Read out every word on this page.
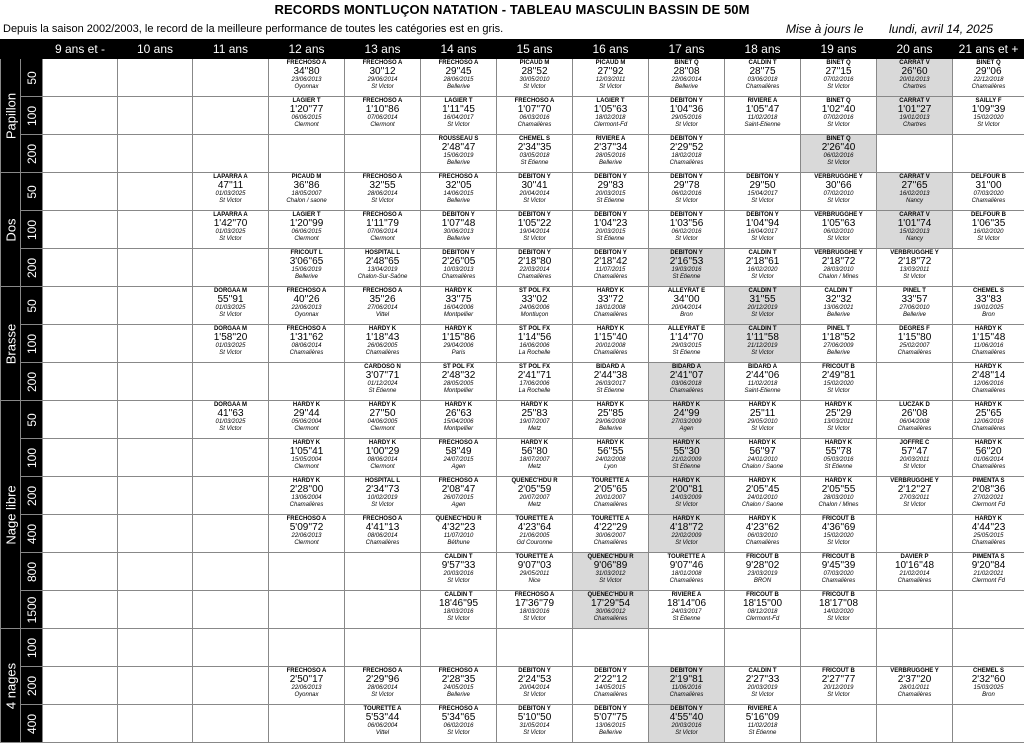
RECORDS MONTLUÇON NATATION - TABLEAU MASCULIN BASSIN DE 50M
Depuis la saison 2002/2003, le record de la meilleure performance de toutes les catégories est en gris.	Mise à jours le lundi, avril 14, 2025
		9 ans et -	10 ans	11 ans	12 ans	13 ans	14 ans	15 ans	16 ans	17 ans	18 ans	19 ans	20 ans	21 ans et +

Papillon	50				FRECHOSO A
34''80
23/06/2013
Oyonnax	FRECHOSO A
30''12
29/06/2014
St Victor	FRECHOSO A
29''45
28/06/2015
Bellerive	PICAUD M
28''52
30/05/2010
St Victor	PICAUD M
27''92
12/03/2011
St Victor	BINET Q
28''08
22/06/2014
Bellerive	CALDIN T
28''75
03/06/2018
Chamalières	BINET Q
27''15
07/02/2016
St Victor	CARRAT V
26''60
20/01/2013
Chartres	BINET Q
29''06
22/12/2018
Chamalières

	100				LAGIER T
1'20''77
06/06/2015
Clermont	FRECHOSO A
1'10''86
07/06/2014
Clermont	LAGIER T
1'11''45
16/04/2017
St Victor	FRECHOSO A
1'07''70
06/03/2016
Chamalières	LAGIER T
1'05''63
18/02/2018
Clermont-Fd	DEBITON Y
1'04''36
29/05/2016
St Victor	RIVIERE A
1'05''47
11/02/2018
Saint-Etienne	BINET Q
1'02''40
07/02/2016
St Victor	CARRAT V
1'01''27
19/01/2013
Chartres	SAILLY F
1'09''39
15/02/2020
St Victor

	200						ROUSSEAU S
2'48''47
15/06/2019
Bellerive	CHEMEL S
2'34''35
03/05/2018
St Etienne	RIVIERE A
2'37''34
28/05/2016
Bellerive	DEBITON Y
2'29''52
18/02/2018
Chamalières		BINET Q
2'26''40
06/02/2016
St Victor		

Dos	50			LAPARRA A
47''11
01/03/2025
St Victor	PICAUD M
36''86
18/05/2007
Chalon / saone	FRECHOSO A
32''55
28/06/2014
St Victor	FRECHOSO A
32''05
14/06/2015
Bellerive	DEBITON Y
30''41
20/04/2014
St Victor	DEBITON Y
29''83
20/03/2015
St Etienne	DEBITON Y
29''78
06/02/2016
St Victor	DEBITON Y
29''50
15/04/2017
St Victor	VERBRUGGHE Y
30''66
07/02/2010
St Victor	CARRAT V
27''65
16/02/2013
Nancy	DELFOUR B
31''00
07/03/2020
Chamalières

	100			LAPARRA A
1'42''70
01/03/2025
St Victor	LAGIER T
1'20''99
06/06/2015
Clermont	FRECHOSO A
1'11''79
07/06/2014
Clermont	DEBITON Y
1'07''48
30/06/2013
Bellerive	DEBITON Y
1'05''22
19/04/2014
St Victor	DEBITON Y
1'04''23
20/03/2015
St Etienne	DEBITON Y
1'03''56
06/02/2016
St Victor	DEBITON Y
1'04''94
16/04/2017
St Victor	VERBRUGGHE Y
1'05''63
06/02/2010
St Victor	CARRAT V
1'01''74
15/02/2013
Nancy	DELFOUR B
1'06''35
16/02/2020
St Victor

	200				FRICOUT L
3'06''65
15/06/2019
Bellerive	HOSPITAL L
2'48''65
13/04/2019
Chalon-Sur-Saône	DEBITON Y
2'26''05
10/03/2013
Chamalières	DEBITON Y
2'18''80
22/03/2014
Chamalières	DEBITON Y
2'18''42
11/07/2015
Chamalières	DEBITON Y
2'16''53
19/03/2016
St Etienne	CALDIN T
2'18''61
16/02/2020
St Victor	VERBRUGGHE Y
2'18''72
28/03/2010
Chalon / Mines	VERBRUGGHE Y
2'18''72
13/03/2011
St Victor	

Brasse	50			DORGAA M
55''91
01/03/2025
St Victor	FRECHOSO A
40''26
22/06/2013
Oyonnax	FRECHOSO A
35''26
27/06/2014
Vittel	HARDY K
33''75
16/04/2006
Montpellier	ST POL FX
33''02
24/06/2006
Montluçon	HARDY K
33''72
18/01/2008
Chamalières	ALLEYRAT E
34''00
20/04/2014
Bron	CALDIN T
31''55
20/12/2019
St Victor	CALDIN T
32''32
13/06/2021
Bellerive	PINEL T
33''57
27/06/2010
Bellerive	CHEMEL S
33''83
19/01/2025
Bron

	100			DORGAA M
1'58''20
01/03/2025
St Victor	FRECHOSO A
1'31''62
08/06/2014
Chamalières	HARDY K
1'18''43
26/06/2005
Chamalières	HARDY K
1'15''86
29/04/2006
Paris	ST POL FX
1'14''56
16/06/2006
La Rochelle	HARDY K
1'15''40
20/01/2008
Chamalières	ALLEYRAT E
1'14''70
29/03/2015
St Etienne	CALDIN T
1'11''58
21/12/2019
St Victor	PINEL T
1'18''52
27/06/2009
Bellerive	DEGRES F
1'15''80
25/02/2007
Chamalières	HARDY K
1'15''48
11/06/2016
Chamalières

	200					CARDOSO N
3'07''71
01/12/2024
St Etienne	ST POL FX
2'48''32
28/05/2005
Montpellier	ST POL FX
2'41''71
17/06/2006
La Rochelle	BIDARD A
2'44''38
26/03/2017
St Etienne	BIDARD A
2'41''07
03/06/2018
Chamalières	BIDARD A
2'44''06
11/02/2018
Saint-Etienne	FRICOUT B
2'49''81
15/02/2020
St Victor		HARDY K
2'48''14
12/06/2016
Chamalières

Nage libre	50			DORGAA M
41''63
01/03/2025
St Victor	HARDY K
29''44
05/06/2004
Clermont	HARDY K
27''50
04/06/2005
Clermont	HARDY K
26''63
15/04/2006
Montpellier	HARDY K
25''83
19/07/2007
Metz	HARDY K
25''85
29/06/2008
Bellerive	HARDY K
24''99
27/03/2009
Agen	HARDY K
25''11
29/05/2010
St Victor	HARDY K
25''29
13/03/2011
St Victor	LUCZAK D
26''08
06/04/2008
Chamalières	HARDY K
25''65
12/06/2016
Chamalières

	100				HARDY K
1'05''41
15/05/2004
Clermont	HARDY K
1'00''29
08/06/2014
Clermont	FRECHOSO A
58''49
24/07/2015
Agen	HARDY K
56''80
18/07/2007
Metz	HARDY K
56''55
24/02/2008
Lyon	HARDY K
55''30
21/02/2009
St Etienne	HARDY K
56''97
24/01/2010
Chalon / Saone	HARDY K
55''78
05/03/2016
St Etienne	JOFFRE C
57''47
20/03/2011
St Victor	HARDY K
56''20
01/06/2014
Chamalières

	200				HARDY K
2'28''00
13/06/2004
Chamalières	HOSPITAL L
2'34''73
10/02/2019
St Victor	FRECHOSO A
2'08''47
26/07/2015
Agen	QUENEC'HDU R
2'05''59
20/07/2007
Metz	TOURETTE A
2'05''65
20/01/2007
Chamalières	HARDY K
2'00''81
14/03/2009
St Victor	HARDY K
2'05''45
24/01/2010
Chalon / Saone	HARDY K
2'05''55
28/03/2010
Chalon / Mines	VERBRUGGHE Y
2'12''27
27/03/2011
St Victor	PIMENTA S
2'08''36
27/02/2021
Clermont Fd

	400				FRECHOSO A
5'09''72
22/06/2013
Clermont	FRECHOSO A
4'41''13
08/06/2014
Chamalières	QUENEC'HDU R
4'32''23
11/07/2010
Béthune	TOURETTE A
4'23''64
21/06/2005
Gd Couronne	TOURETTE A
4'22''29
30/06/2007
Chamalières	HARDY K
4'18''72
22/02/2009
St Victor	HARDY K
4'23''62
06/03/2010
Chamalières	FRICOUT B
4'36''69
15/02/2020
St Victor		HARDY K
4'44''23
25/05/2015
Chamalières

	800						CALDIN T
9'57''33
20/03/2016
St Victor	TOURETTE A
9'07''03
29/05/2011
Nice	QUENEC'HDU R
9'06''89
31/03/2012
St Victor	TOURETTE A
9'07''46
18/01/2008
Chamalières	FRICOUT B
9'28''02
23/03/2019
BRON	FRICOUT B
9'45''39
07/03/2020
Chamalières	DAVIER P
10'16''48
21/02/2014
Chamalières	PIMENTA S
9'20''84
21/02/2021
Clermont Fd

	1500						CALDIN T
18'46''95
18/03/2016
St Victor	FRECHOSO A
17'36''79
18/03/2016
St Victor	QUENEC'HDU R
17'29''54
30/06/2012
Chamalières	RIVIERE A
18'14''06
24/03/2017
St Etienne	FRICOUT B
18'15''00
08/12/2018
Clermont-Fd	FRICOUT B
18'17''08
14/02/2020
St Victor		

4 nages	100													

	200				FRECHOSO A
2'50''17
22/06/2013
Oyonnax	FRECHOSO A
2'29''96
28/06/2014
St Victor	FRECHOSO A
2'28''35
24/05/2015
Bellerive	DEBITON Y
2'24''53
20/04/2014
St Victor	DEBITON Y
2'22''12
14/05/2015
Chamalières	DEBITON Y
2'19''81
11/06/2016
Chamalières	CALDIN T
2'27''33
20/03/2019
St Victor	FRICOUT B
2'27''77
20/12/2019
St Victor	VERBRUGGHE Y
2'37''20
28/01/2011
Chamalières	CHEMEL S
2'32''60
15/03/2025
Bron

	400					TOURETTE A
5'53''44
06/06/2004
Vittel	FRECHOSO A
5'34''65
06/02/2016
St Victor	DEBITON Y
5'10''50
31/05/2014
St Victor	DEBITON Y
5'07''75
13/06/2015
Bellerive	DEBITON Y
4'55''40
20/03/2016
St Victor	RIVIERE A
5'16''09
11/02/2018
St Etienne			
